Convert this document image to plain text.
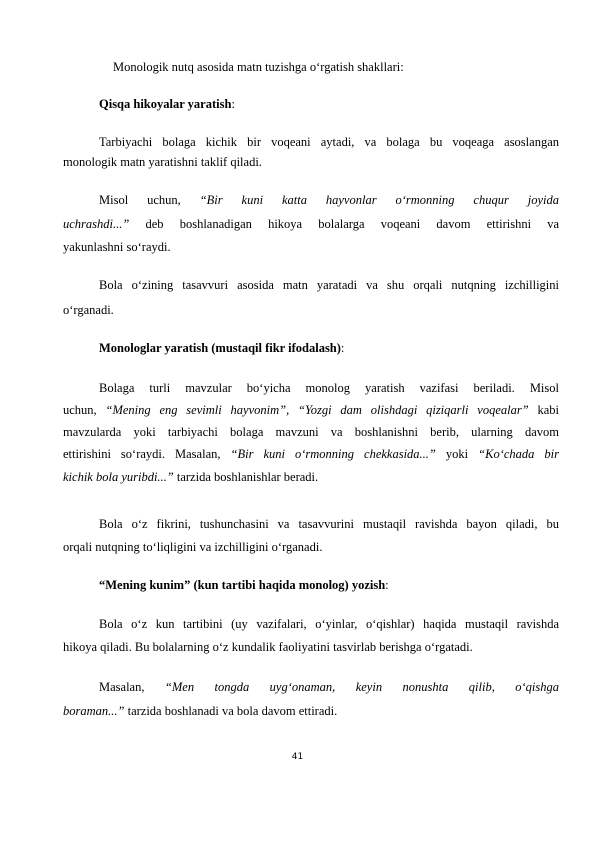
Monologik nutq asosida matn tuzishga o‘rgatish shakllari:
Qisqa hikoyalar yaratish:
Tarbiyachi bolaga kichik bir voqeani aytadi, va bolaga bu voqeaga asoslangan
monologik matn yaratishni taklif qiladi.
Misol uchun, “Bir kuni katta hayvonlar o‘rmonning chuqur joyida
uchrashdi...” deb boshlanadigan hikoya bolalarga voqeani davom ettirishni va
yakunlashni so‘raydi.
Bola o‘zining tasavvuri asosida matn yaratadi va shu orqali nutqning izchilligini
o‘rganadi.
Monologlar yaratish (mustaqil fikr ifodalash):
Bolaga turli mavzular bo‘yicha monolog yaratish vazifasi beriladi. Misol
uchun, “Mening eng sevimli hayvonim”, “Yozgi dam olishdagi qiziqarli voqealar” kabi
mavzularda yoki tarbiyachi bolaga mavzuni va boshlanishni berib, ularning davom
ettirishini so‘raydi. Masalan, “Bir kuni o‘rmonning chekkasida...” yoki “Ko‘chada bir
kichik bola yuribdi...” tarzida boshlanishlar beradi.
Bola o‘z fikrini, tushunchasini va tasavvurini mustaqil ravishda bayon qiladi, bu
orqali nutqning to‘liqligini va izchilligini o‘rganadi.
“Mening kunim” (kun tartibi haqida monolog) yozish:
Bola o‘z kun tartibini (uy vazifalari, o‘yinlar, o‘qishlar) haqida mustaqil ravishda
hikoya qiladi. Bu bolalarning o‘z kundalik faoliyatini tasvirlab berishga o‘rgatadi.
Masalan, “Men tongda uyg‘onaman, keyin nonushta qilib, o‘qishga
boraman...” tarzida boshlanadi va bola davom ettiradi.
41
